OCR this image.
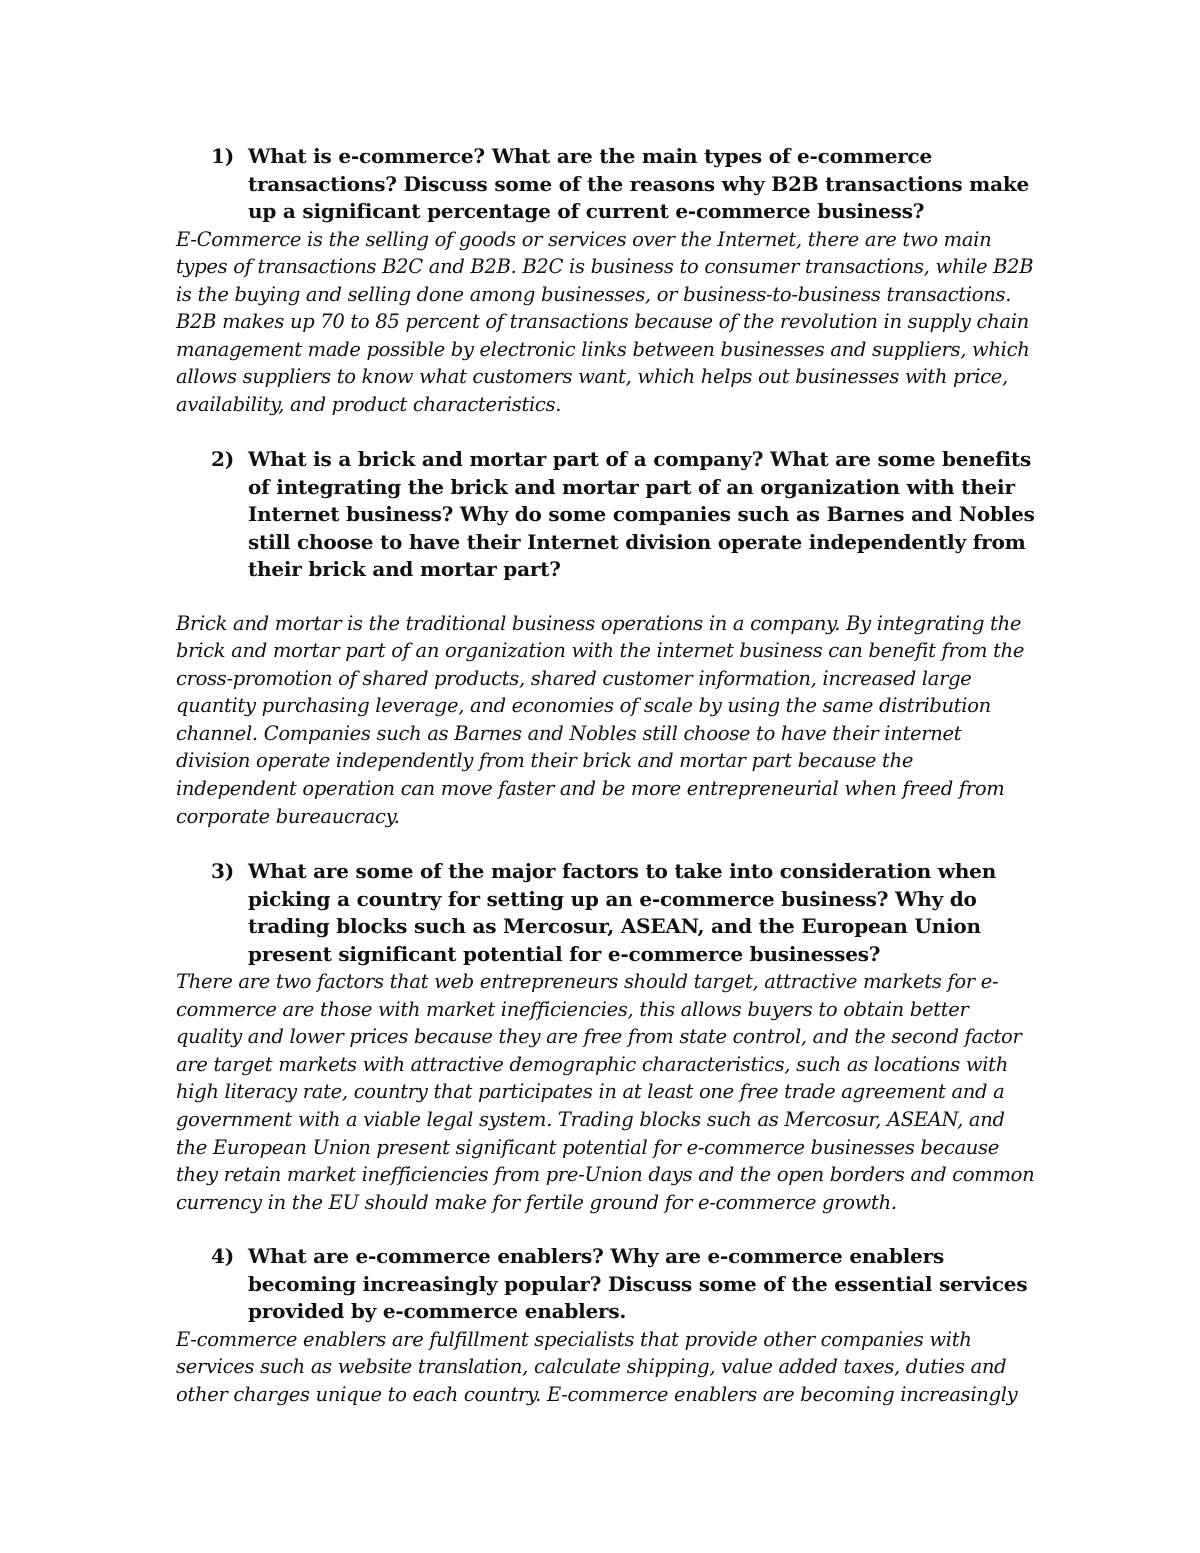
1) What is e-commerce? What are the main types of e-commerce transactions? Discuss some of the reasons why B2B transactions make up a significant percentage of current e-commerce business?
E-Commerce is the selling of goods or services over the Internet, there are two main types of transactions B2C and B2B. B2C is business to consumer transactions, while B2B is the buying and selling done among businesses, or business-to-business transactions. B2B makes up 70 to 85 percent of transactions because of the revolution in supply chain management made possible by electronic links between businesses and suppliers, which allows suppliers to know what customers want, which helps out businesses with price, availability, and product characteristics.
2) What is a brick and mortar part of a company? What are some benefits of integrating the brick and mortar part of an organization with their Internet business? Why do some companies such as Barnes and Nobles still choose to have their Internet division operate independently from their brick and mortar part?
Brick and mortar is the traditional business operations in a company. By integrating the brick and mortar part of an organization with the internet business can benefit from the cross-promotion of shared products, shared customer information, increased large quantity purchasing leverage, and economies of scale by using the same distribution channel. Companies such as Barnes and Nobles still choose to have their internet division operate independently from their brick and mortar part because the independent operation can move faster and be more entrepreneurial when freed from corporate bureaucracy.
3) What are some of the major factors to take into consideration when picking a country for setting up an e-commerce business? Why do trading blocks such as Mercosur, ASEAN, and the European Union present significant potential for e-commerce businesses?
There are two factors that web entrepreneurs should target, attractive markets for e-commerce are those with market inefficiencies, this allows buyers to obtain better quality and lower prices because they are free from state control, and the second factor are target markets with attractive demographic characteristics, such as locations with high literacy rate, country that participates in at least one free trade agreement and a government with a viable legal system. Trading blocks such as Mercosur, ASEAN, and the European Union present significant potential for e-commerce businesses because they retain market inefficiencies from pre-Union days and the open borders and common currency in the EU should make for fertile ground for e-commerce growth.
4) What are e-commerce enablers? Why are e-commerce enablers becoming increasingly popular? Discuss some of the essential services provided by e-commerce enablers.
E-commerce enablers are fulfillment specialists that provide other companies with services such as website translation, calculate shipping, value added taxes, duties and other charges unique to each country. E-commerce enablers are becoming increasingly
